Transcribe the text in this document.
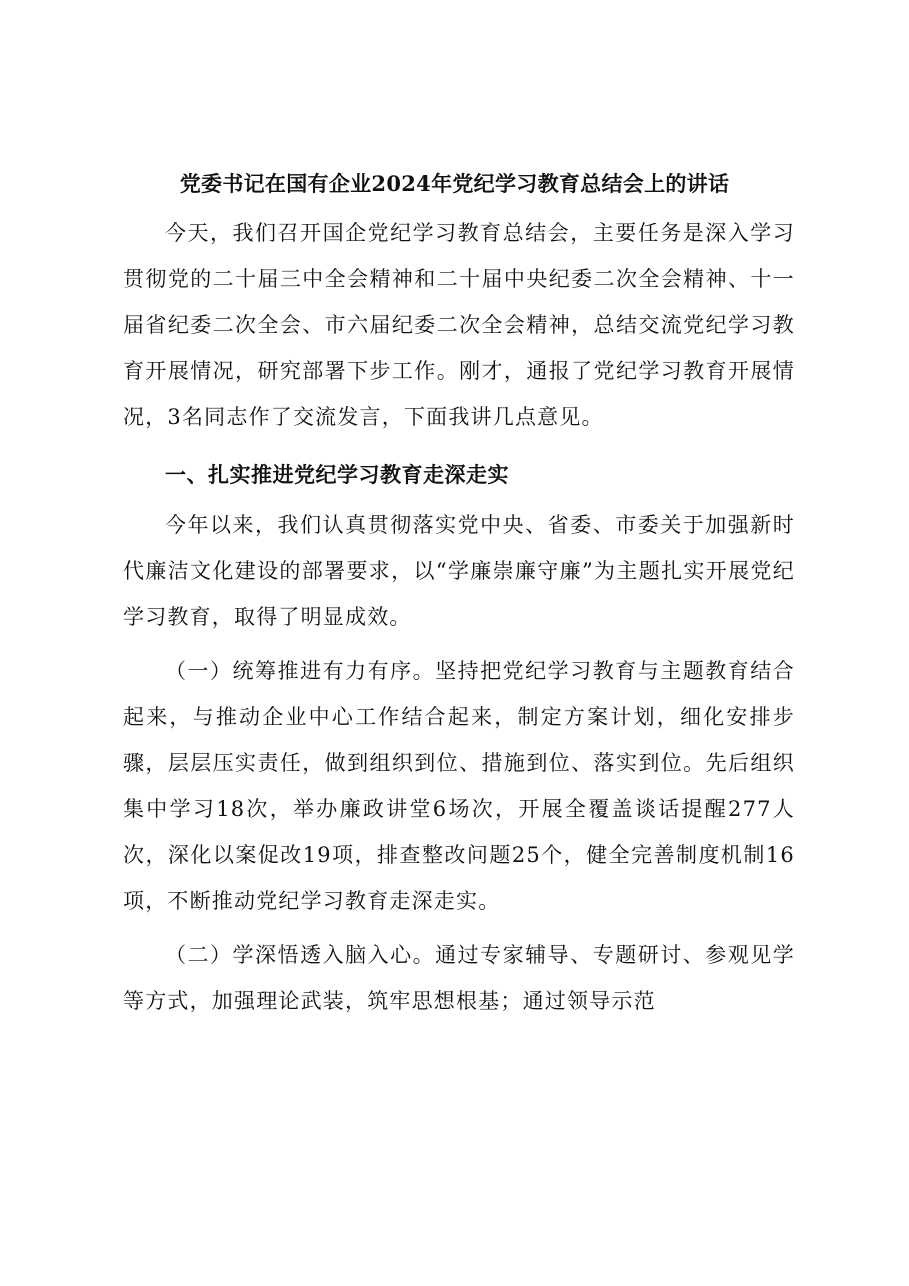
党委书记在国有企业2024年党纪学习教育总结会上的讲话

今天，我们召开国企党纪学习教育总结会，主要任务是深入学习贯彻党的二十届三中全会精神和二十届中央纪委二次全会精神、十一届省纪委二次全会、市六届纪委二次全会精神，总结交流党纪学习教育开展情况，研究部署下步工作。刚才，通报了党纪学习教育开展情况，3名同志作了交流发言，下面我讲几点意见。

一、扎实推进党纪学习教育走深走实

今年以来，我们认真贯彻落实党中央、省委、市委关于加强新时代廉洁文化建设的部署要求，以“学廉崇廉守廉”为主题扎实开展党纪学习教育，取得了明显成效。

（一）统筹推进有力有序。坚持把党纪学习教育与主题教育结合起来，与推动企业中心工作结合起来，制定方案计划，细化安排步骤，层层压实责任，做到组织到位、措施到位、落实到位。先后组织集中学习18次，举办廉政讲堂6场次，开展全覆盖谈话提醒277人次，深化以案促改19项，排查整改问题25个，健全完善制度机制16项，不断推动党纪学习教育走深走实。

（二）学深悟透入脑入心。通过专家辅导、专题研讨、参观见学等方式，加强理论武装，筑牢思想根基；通过领导示范
